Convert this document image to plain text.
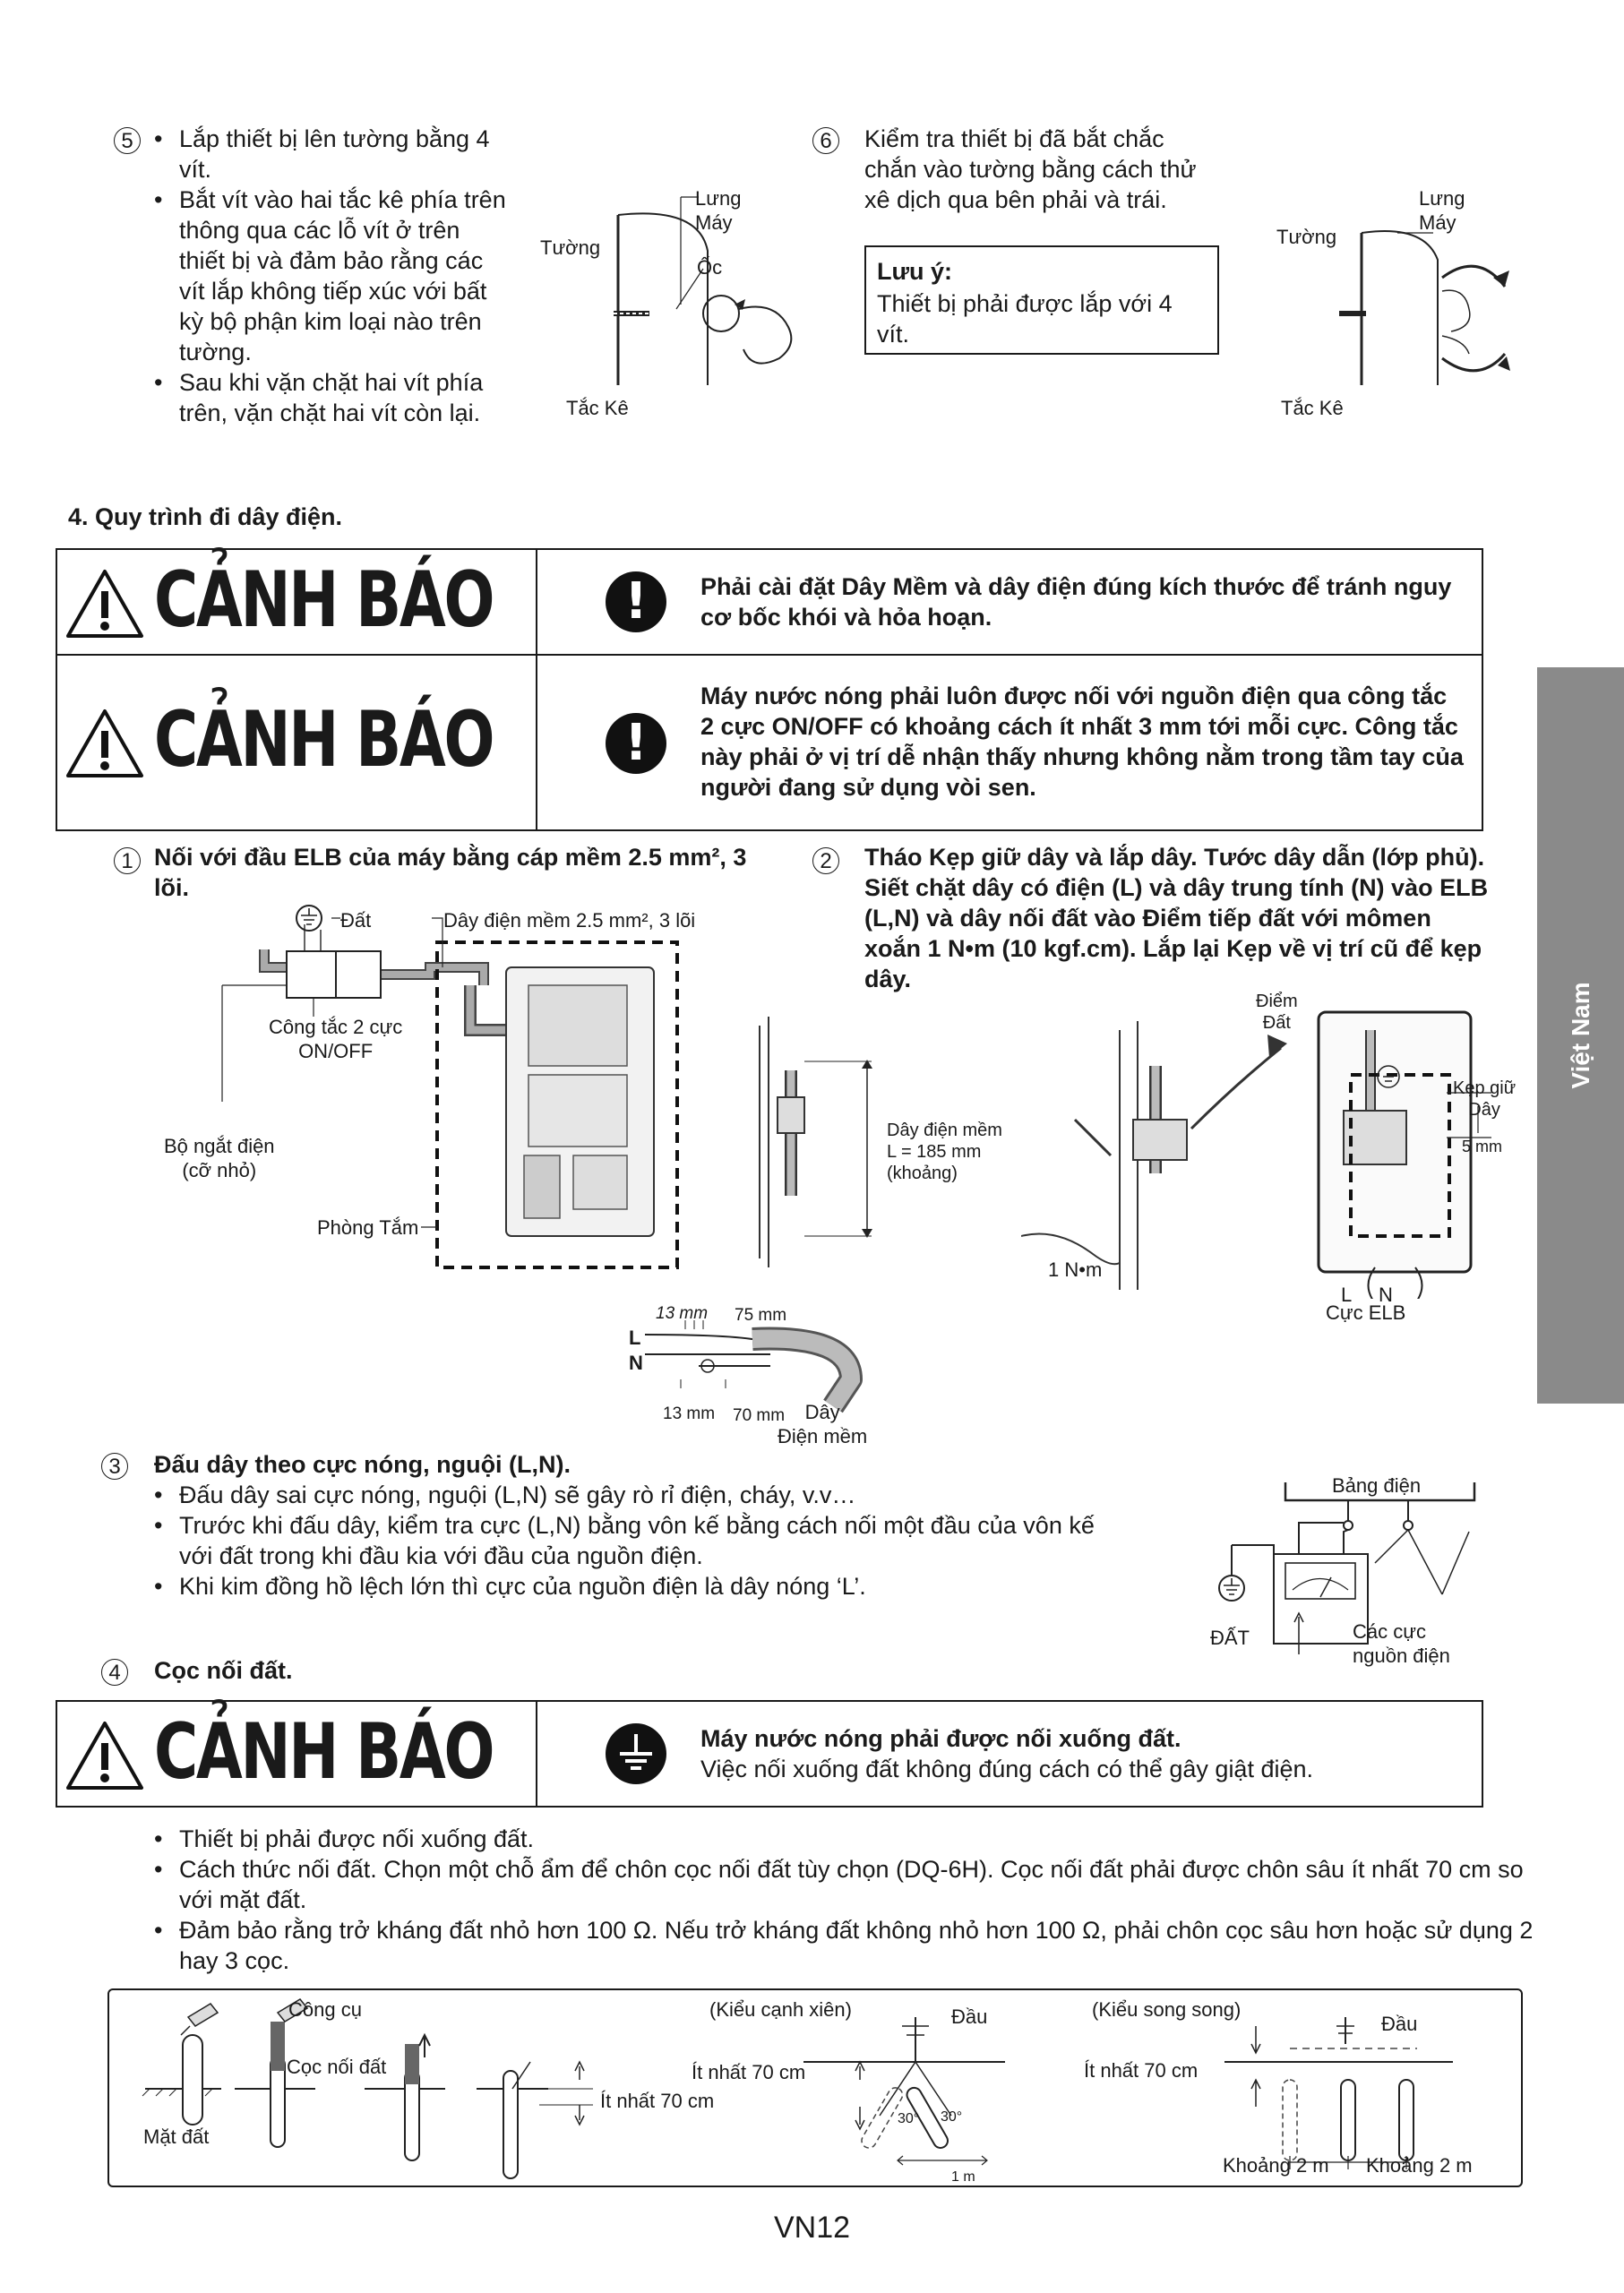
5
•	Lắp thiết bị lên tường bằng 4 vít.
• Bắt vít vào hai tắc kê phía trên thông qua các lỗ vít ở trên thiết bị và đảm bảo rằng các vít lắp không tiếp xúc với bất kỳ bộ phận kim loại nào trên tường.
• Sau khi vặn chặt hai vít phía trên, vặn chặt hai vít còn lại.
Tường
Lưng
Máy
Ốc
Tắc Kê
6	Kiểm tra thiết bị đã bắt chắc chắn vào tường bằng cách thử xê dịch qua bên phải và trái.
Lưu ý:
Thiết bị phải được lắp với 4 vít.
Tường
Lưng
Máy
Tắc Kê
4. Quy trình đi dây điện.
CẢNH BÁO	!	Phải cài đặt Dây Mềm và dây điện đúng kích thước để tránh nguy cơ bốc khói và hỏa hoạn.
CẢNH BÁO	!
Máy nước nóng phải luôn được nối với nguồn điện qua công tắc 2 cực ON/OFF có khoảng cách ít nhất 3 mm tới mỗi cực. Công tắc này phải ở vị trí dễ nhận thấy nhưng không nằm trong tầm tay của người đang sử dụng vòi sen.
1 Nối với đầu ELB của máy bằng cáp mềm 2.5 mm², 3 lõi.
Đất	Dây điện mềm 2.5 mm², 3 lõi
Công tắc 2 cực
ON/OFF
Bộ ngắt điện
(cỡ nhỏ)
Phòng Tắm
Dây điện mềm
L = 185 mm
(khoảng)
13 mm 75 mm
L
N
13 mm 70 mm	Dây
Điện mềm
2	Tháo Kẹp giữ dây và lắp dây. Tước dây dẫn (lớp phủ). Siết chặt dây có điện (L) và dây trung tính (N) vào ELB (L,N) và dây nối đất vào Điểm tiếp đất với mômen xoắn 1 N•m (10 kgf.cm). Lắp lại Kẹp về vị trí cũ để kẹp dây.
Điểm
Đất
Kẹp giữ
Dây
5 mm
1 N•m
L     N
Cực ELB
Việt Nam
3	Đấu dây theo cực nóng, nguội (L,N).
• Đấu dây sai cực nóng, nguội (L,N) sẽ gây rò rỉ điện, cháy, v.v…
• Trước khi đấu dây, kiểm tra cực (L,N) bằng vôn kế bằng cách nối một đầu của vôn kế với đất trong khi đầu kia với đầu của nguồn điện.
• Khi kim đồng hồ lệch lớn thì cực của nguồn điện là dây nóng ‘L’.
Bảng điện
ĐẤT	Các cực
nguồn điện
4	Cọc nối đất.
CẢNH BÁO	Máy nước nóng phải được nối xuống đất.
Việc nối xuống đất không đúng cách có thể gây giật điện.
• Thiết bị phải được nối xuống đất.
• Cách thức nối đất. Chọn một chỗ ẩm để chôn cọc nối đất tùy chọn (DQ-6H). Cọc nối đất phải được chôn sâu ít nhất 70 cm so với mặt đất.
• Đảm bảo rằng trở kháng đất nhỏ hơn 100 Ω. Nếu trở kháng đất không nhỏ hơn 100 Ω, phải chôn cọc sâu hơn hoặc sử dụng 2 hay 3 cọc.
Công cụ
Cọc nối đất
Mặt đất
Ít nhất 70 cm
(Kiểu cạnh xiên)	Đầu
Ít nhất 70 cm
30° 30°
1 m
(Kiểu song song)
Đầu
Ít nhất 70 cm
Khoảng 2 m Khoảng 2 m
VN12
